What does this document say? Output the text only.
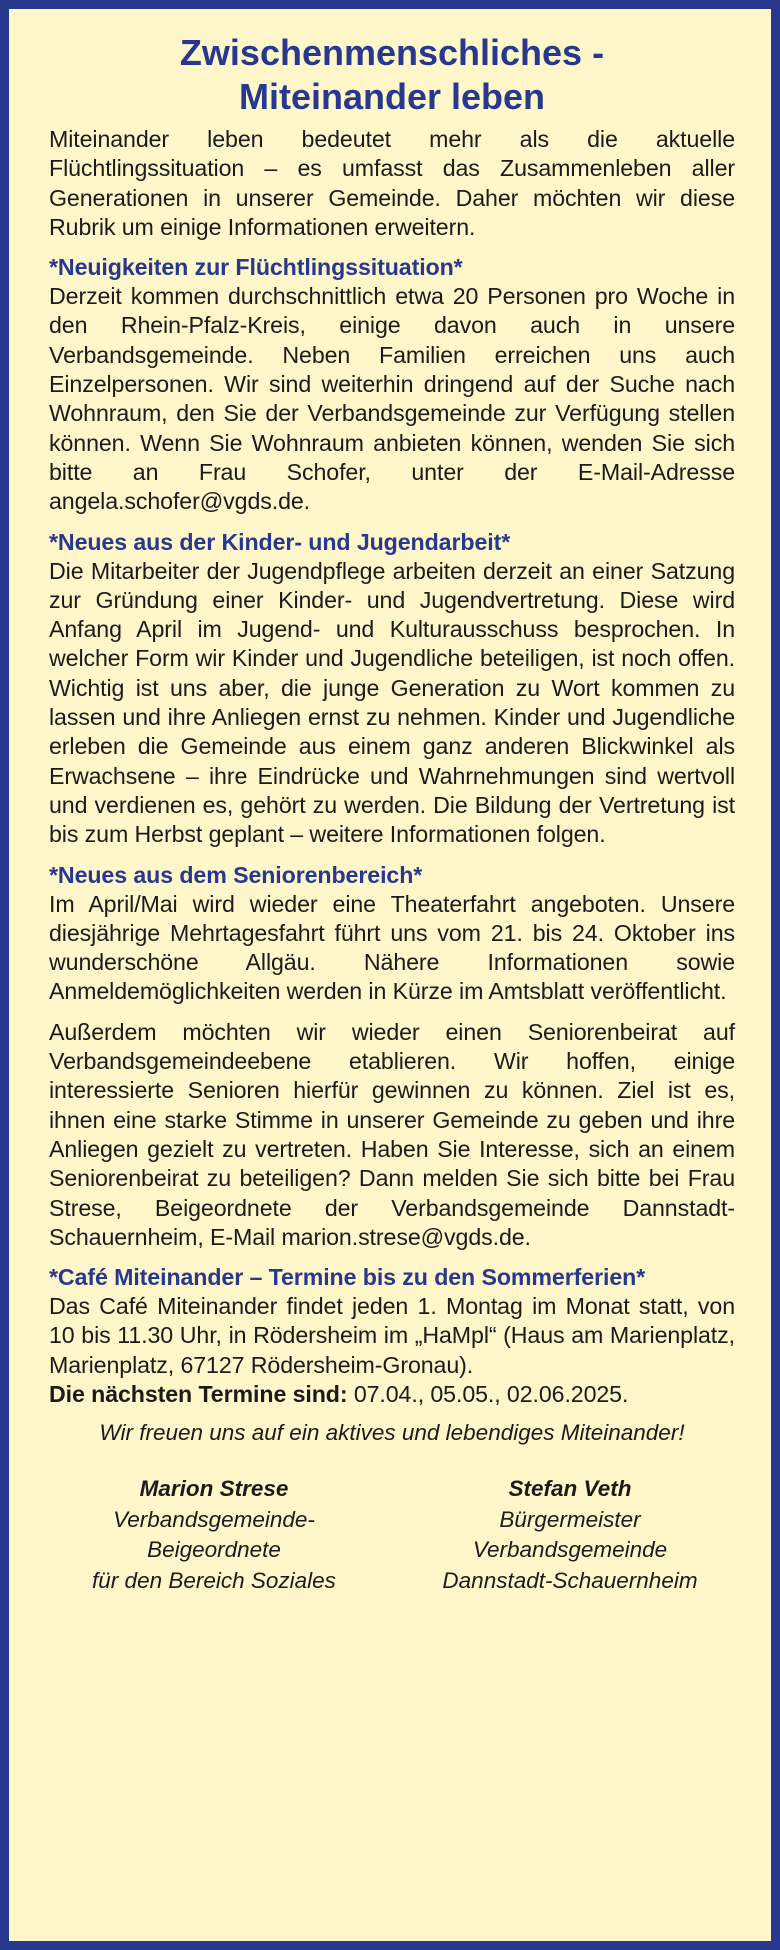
Zwischenmenschliches -
Miteinander leben

Miteinander leben bedeutet mehr als die aktuelle Flüchtlingssituation – es umfasst das Zusammenleben aller Generationen in unserer Gemeinde. Daher möchten wir diese Rubrik um einige Informationen erweitern.

*Neuigkeiten zur Flüchtlingssituation*

Derzeit kommen durchschnittlich etwa 20 Personen pro Woche in den Rhein-Pfalz-Kreis, einige davon auch in unsere Verbandsgemeinde. Neben Familien erreichen uns auch Einzelpersonen. Wir sind weiterhin dringend auf der Suche nach Wohnraum, den Sie der Verbandsgemeinde zur Verfügung stellen können. Wenn Sie Wohnraum anbieten können, wenden Sie sich bitte an Frau Schofer, unter der E-Mail-Adresse angela.schofer@vgds.de.

*Neues aus der Kinder- und Jugendarbeit*

Die Mitarbeiter der Jugendpflege arbeiten derzeit an einer Satzung zur Gründung einer Kinder- und Jugendvertretung. Diese wird Anfang April im Jugend- und Kulturausschuss besprochen. In welcher Form wir Kinder und Jugendliche beteiligen, ist noch offen. Wichtig ist uns aber, die junge Generation zu Wort kommen zu lassen und ihre Anliegen ernst zu nehmen. Kinder und Jugendliche erleben die Gemeinde aus einem ganz anderen Blickwinkel als Erwachsene – ihre Eindrücke und Wahrnehmungen sind wertvoll und verdienen es, gehört zu werden. Die Bildung der Vertretung ist bis zum Herbst geplant – weitere Informationen folgen.

*Neues aus dem Seniorenbereich*

Im April/Mai wird wieder eine Theaterfahrt angeboten. Unsere diesjährige Mehrtagesfahrt führt uns vom 21. bis 24. Oktober ins wunderschöne Allgäu. Nähere Informationen sowie Anmeldemöglichkeiten werden in Kürze im Amtsblatt veröffentlicht.

Außerdem möchten wir wieder einen Seniorenbeirat auf Verbandsgemeindeebene etablieren. Wir hoffen, einige interessierte Senioren hierfür gewinnen zu können. Ziel ist es, ihnen eine starke Stimme in unserer Gemeinde zu geben und ihre Anliegen gezielt zu vertreten. Haben Sie Interesse, sich an einem Seniorenbeirat zu beteiligen? Dann melden Sie sich bitte bei Frau Strese, Beigeordnete der Verbandsgemeinde Dannstadt-Schauernheim, E-Mail marion.strese@vgds.de.

*Café Miteinander – Termine bis zu den Sommerferien*

Das Café Miteinander findet jeden 1. Montag im Monat statt, von 10 bis 11.30 Uhr, in Rödersheim im „HaMpl“ (Haus am Marienplatz, Marienplatz, 67127 Rödersheim-Gronau).

Die nächsten Termine sind: 07.04., 05.05., 02.06.2025.

Wir freuen uns auf ein aktives und lebendiges Miteinander!
Marion Strese
Verbandsgemeinde-
Beigeordnete
für den Bereich Soziales
Stefan Veth
Bürgermeister
Verbandsgemeinde
Dannstadt-Schauernheim
